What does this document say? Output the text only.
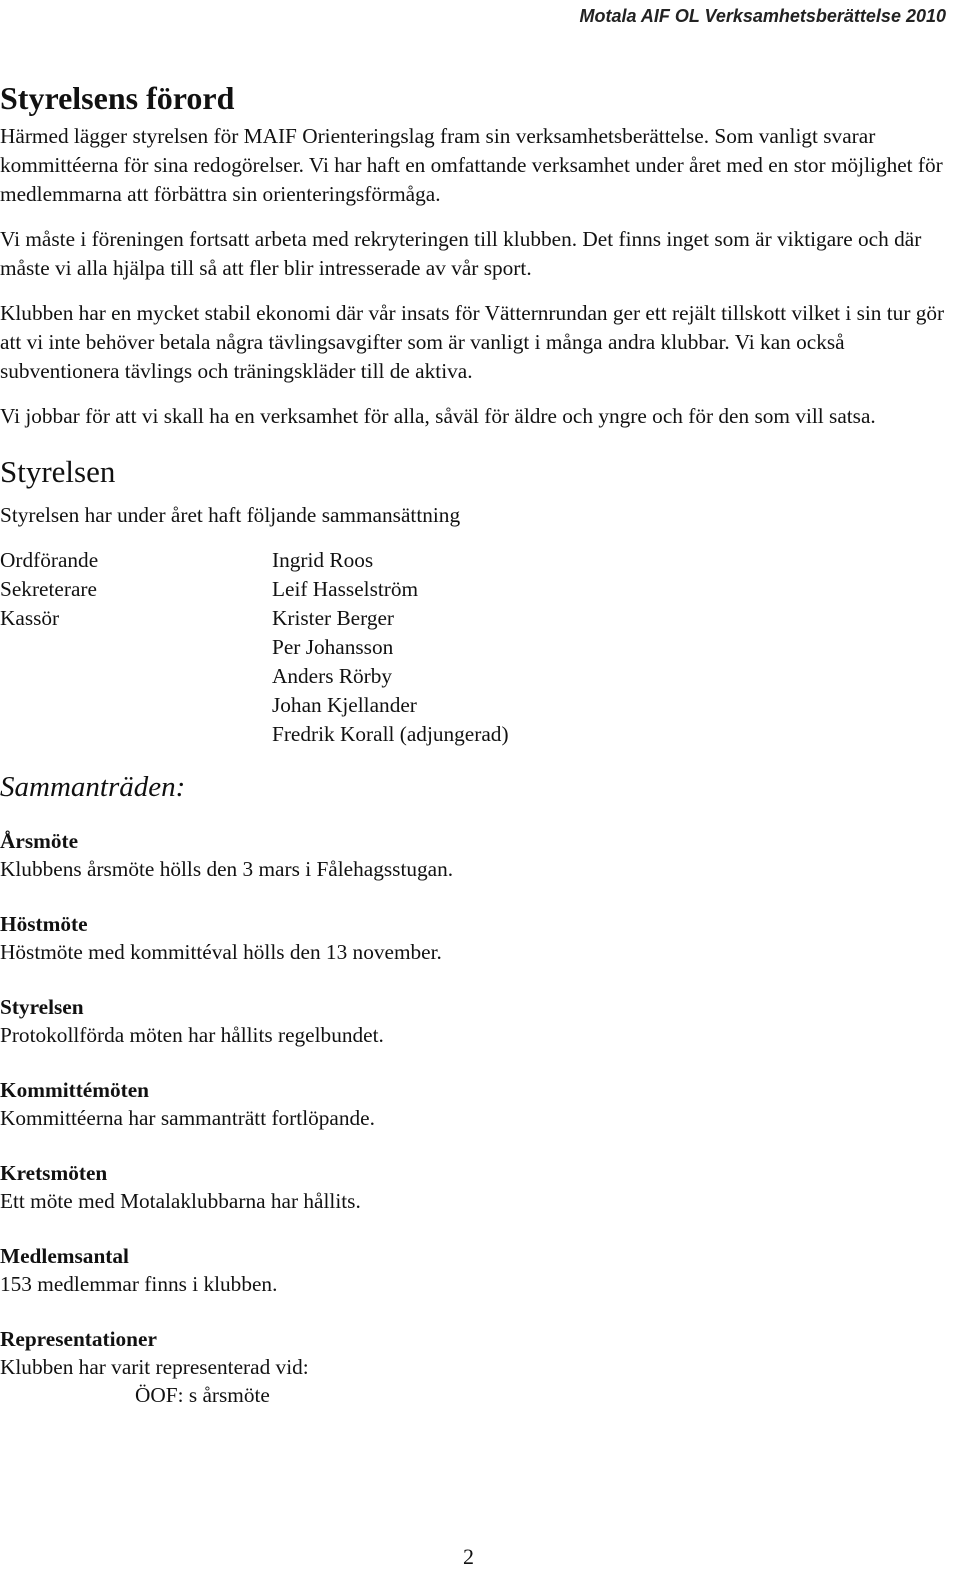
Motala AIF OL Verksamhetsberättelse 2010
Styrelsens förord

Härmed lägger styrelsen för MAIF Orienteringslag fram sin verksamhetsberättelse. Som vanligt svarar kommittéerna för sina redogörelser. Vi har haft en omfattande verksamhet under året med en stor möjlighet för medlemmarna att förbättra sin orienteringsförmåga.

Vi måste i föreningen fortsatt arbeta med rekryteringen till klubben. Det finns inget som är viktigare och där måste vi alla hjälpa till så att fler blir intresserade av vår sport.

Klubben har en mycket stabil ekonomi där vår insats för Vätternrundan ger ett rejält tillskott vilket i sin tur gör att vi inte behöver betala några tävlingsavgifter som är vanligt i många andra klubbar. Vi kan också subventionera tävlings och träningskläder till de aktiva.

Vi jobbar för att vi skall ha en verksamhet för alla, såväl för äldre och yngre och för den som vill satsa.

Styrelsen

Styrelsen har under året haft följande sammansättning

Ordförande
Sekreterare
Kassör
Ingrid Roos
Leif Hasselström
Krister Berger
Per Johansson
Anders Rörby
Johan Kjellander
Fredrik Korall (adjungerad)
Sammanträden:
Årsmöte
Klubbens årsmöte hölls den 3 mars i Fålehagsstugan.
Höstmöte
Höstmöte med kommittéval hölls den 13 november.
Styrelsen
Protokollförda möten har hållits regelbundet.
Kommittémöten
Kommittéerna har sammanträtt fortlöpande.
Kretsmöten
Ett möte med Motalaklubbarna har hållits.
Medlemsantal
153 medlemmar finns i klubben.
Representationer
Klubben har varit representerad vid:
ÖOF: s årsmöte
2
